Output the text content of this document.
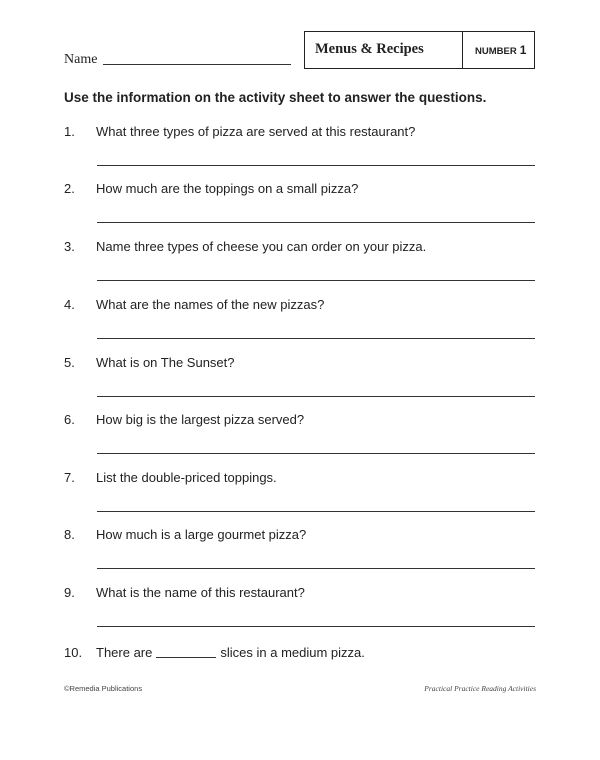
Name
Menus & Recipes	NUMBER 1
Use the information on the activity sheet to answer the questions.
1. What three types of pizza are served at this restaurant?
2. How much are the toppings on a small pizza?
3. Name three types of cheese you can order on your pizza.
4. What are the names of the new pizzas?
5. What is on The Sunset?
6. How big is the largest pizza served?
7. List the double-priced toppings.
8. How much is a large gourmet pizza?
9. What is the name of this restaurant?
10. There are	slices in a medium pizza.
©Remedia Publications	Practical Practice Reading Activities
